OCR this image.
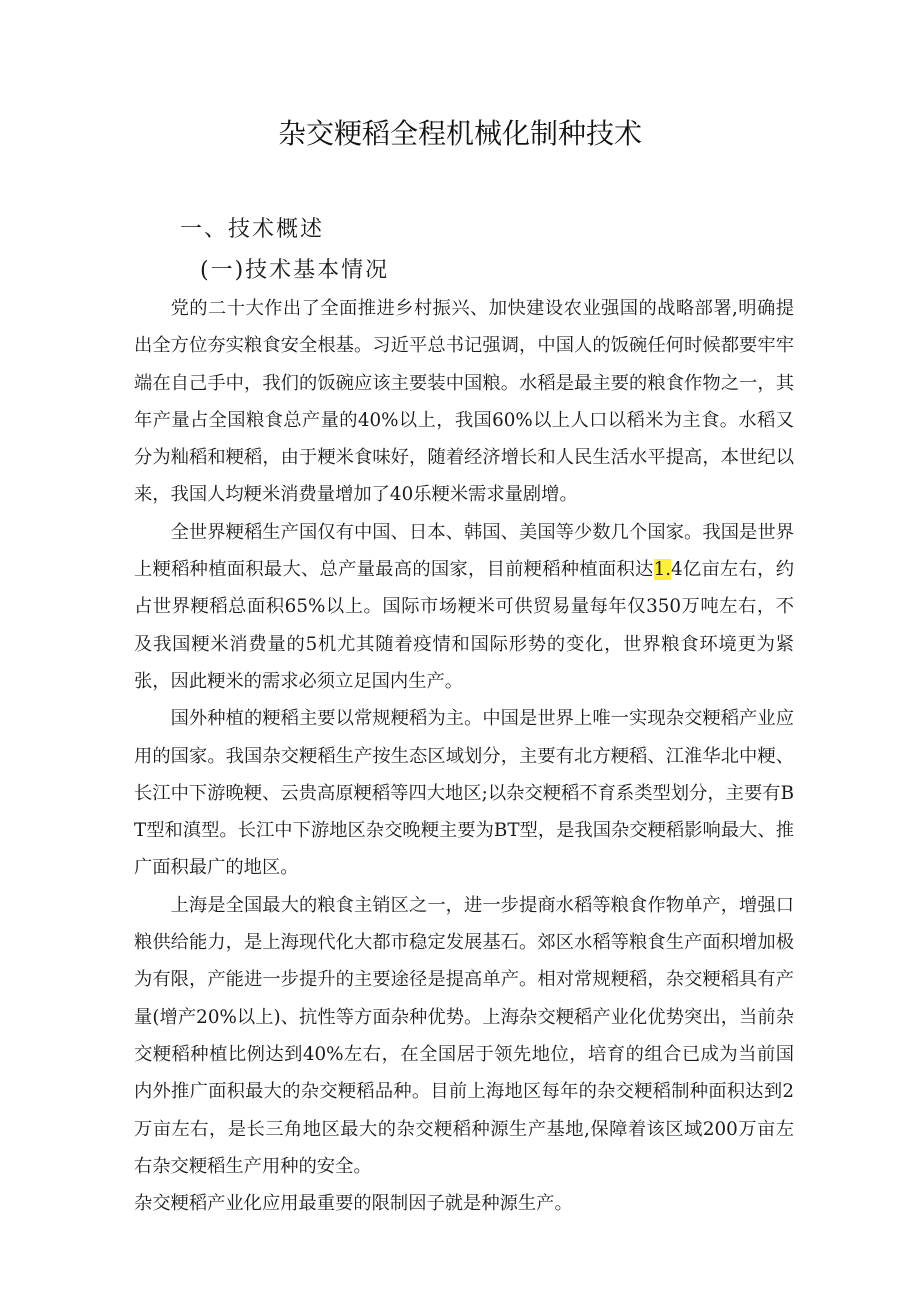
杂交粳稻全程机械化制种技术
一、技术概述
(一)技术基本情况

党的二十大作出了全面推进乡村振兴、加快建设农业强国的战略部署,明确提出全方位夯实粮食安全根基。习近平总书记强调，中国人的饭碗任何时候都要牢牢端在自己手中，我们的饭碗应该主要装中国粮。水稻是最主要的粮食作物之一，其年产量占全国粮食总产量的40%以上，我国60%以上人口以稻米为主食。水稻又分为籼稻和粳稻，由于粳米食味好，随着经济增长和人民生活水平提高，本世纪以来，我国人均粳米消费量增加了40乐粳米需求量剧增。

全世界粳稻生产国仅有中国、日本、韩国、美国等少数几个国家。我国是世界上粳稻种植面积最大、总产量最高的国家，目前粳稻种植面积达1.4亿亩左右，约占世界粳稻总面积65%以上。国际市场粳米可供贸易量每年仅350万吨左右，不及我国粳米消费量的5机尤其随着疫情和国际形势的变化，世界粮食环境更为紧张，因此粳米的需求必须立足国内生产。

国外种植的粳稻主要以常规粳稻为主。中国是世界上唯一实现杂交粳稻产业应用的国家。我国杂交粳稻生产按生态区域划分，主要有北方粳稻、江淮华北中粳、长江中下游晚粳、云贵高原粳稻等四大地区;以杂交粳稻不育系类型划分，主要有BT型和滇型。长江中下游地区杂交晚粳主要为BT型，是我国杂交粳稻影响最大、推广面积最广的地区。

上海是全国最大的粮食主销区之一，进一步提商水稻等粮食作物单产，增强口粮供给能力，是上海现代化大都市稳定发展基石。郊区水稻等粮食生产面积增加极为有限，产能进一步提升的主要途径是提高单产。相对常规粳稻，杂交粳稻具有产量(增产20%以上)、抗性等方面杂种优势。上海杂交粳稻产业化优势突出，当前杂交粳稻种植比例达到40%左右，在全国居于领先地位，培育的组合已成为当前国内外推广面积最大的杂交粳稻品种。目前上海地区每年的杂交粳稻制种面积达到2万亩左右，是长三角地区最大的杂交粳稻种源生产基地,保障着该区域200万亩左右杂交粳稻生产用种的安全。

杂交粳稻产业化应用最重要的限制因子就是种源生产。
